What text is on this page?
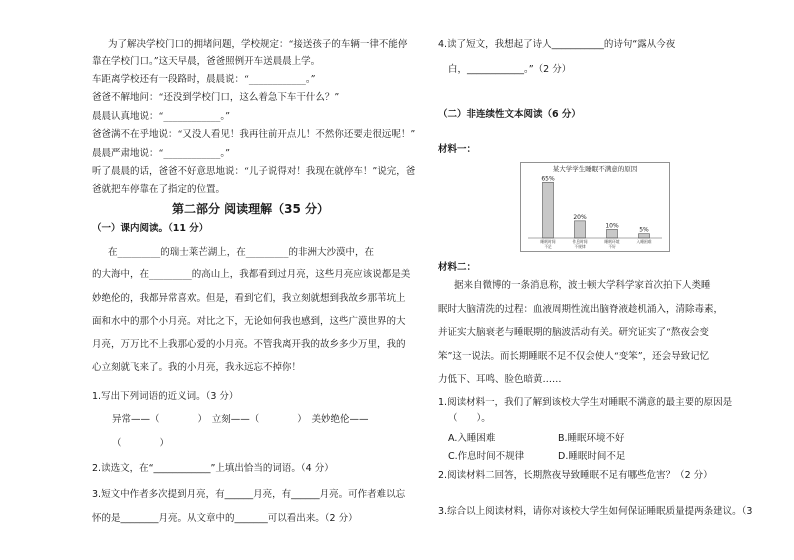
为了解决学校门口的拥堵问题，学校规定：“接送孩子的车辆一律不能停
靠在学校门口。”这天早晨，爸爸照例开车送晨晨上学。
车距离学校还有一段路时，晨晨说：“____________。”
爸爸不解地问：“还没到学校门口，这么着急下车干什么？”
晨晨认真地说：“____________。”
爸爸满不在乎地说：“又没人看见！我再往前开点儿！不然你还要走很远呢！”
晨晨严肃地说：“____________。”
听了晨晨的话，爸爸不好意思地说：“儿子说得对！我现在就停车！”说完，爸
爸就把车停靠在了指定的位置。
第二部分 阅读理解（35 分）
（一）课内阅读。（11 分）
在_________的瑞士莱芒湖上，在_________的非洲大沙漠中，在
的大海中，在_________的高山上，我都看到过月亮，这些月亮应该说都是美
妙绝伦的，我都异常喜欢。但是，看到它们，我立刻就想到我故乡那苇坑上
面和水中的那个小月亮。对比之下，无论如何我也感到，这些广漠世界的大
月亮，万万比不上我那心爱的小月亮。不管我离开我的故乡多少万里，我的
心立刻就飞来了。我的小月亮，我永远忘不掉你！
1.写出下列词语的近义词。（3 分）
异常——（　　　　）　立刻——（　　　　）　美妙绝伦——
（　　　　）
2.读选文，在“____________”上填出恰当的词语。（4 分）
3.短文中作者多次提到月亮，有______月亮，有______月亮。可作者难以忘
怀的是________月亮。从文章中的_______可以看出来。（2 分）
4.读了短文，我想起了诗人___________的诗句“露从今夜
白，____________。”（2 分）
（二）非连续性文本阅读（6 分）
材料一：
某大学学生睡眠不满意的原因
65%
睡眠时间
不足
20%
作息时间
不规律
10%
睡眠环境
不好
5%
入睡困难
材料二：
据来自微博的一条消息称，波士顿大学科学家首次拍下人类睡
眠时大脑清洗的过程：血液周期性流出脑脊液趁机涌入，清除毒素，
并证实大脑衰老与睡眠期的脑波活动有关。研究证实了“熬夜会变
笨”这一说法。而长期睡眠不足不仅会使人“变笨”，还会导致记忆
力低下、耳鸣、脸色暗黄……
1.阅读材料一，我们了解到该校大学生对睡眠不满意的最主要的原因是
（　　）。
A.入睡困难	B.睡眠环境不好
C.作息时间不规律	D.睡眠时间不足
2.阅读材料二回答，长期熬夜导致睡眠不足有哪些危害？（2 分）
3.综合以上阅读材料，请你对该校大学生如何保证睡眠质量提两条建议。（3
